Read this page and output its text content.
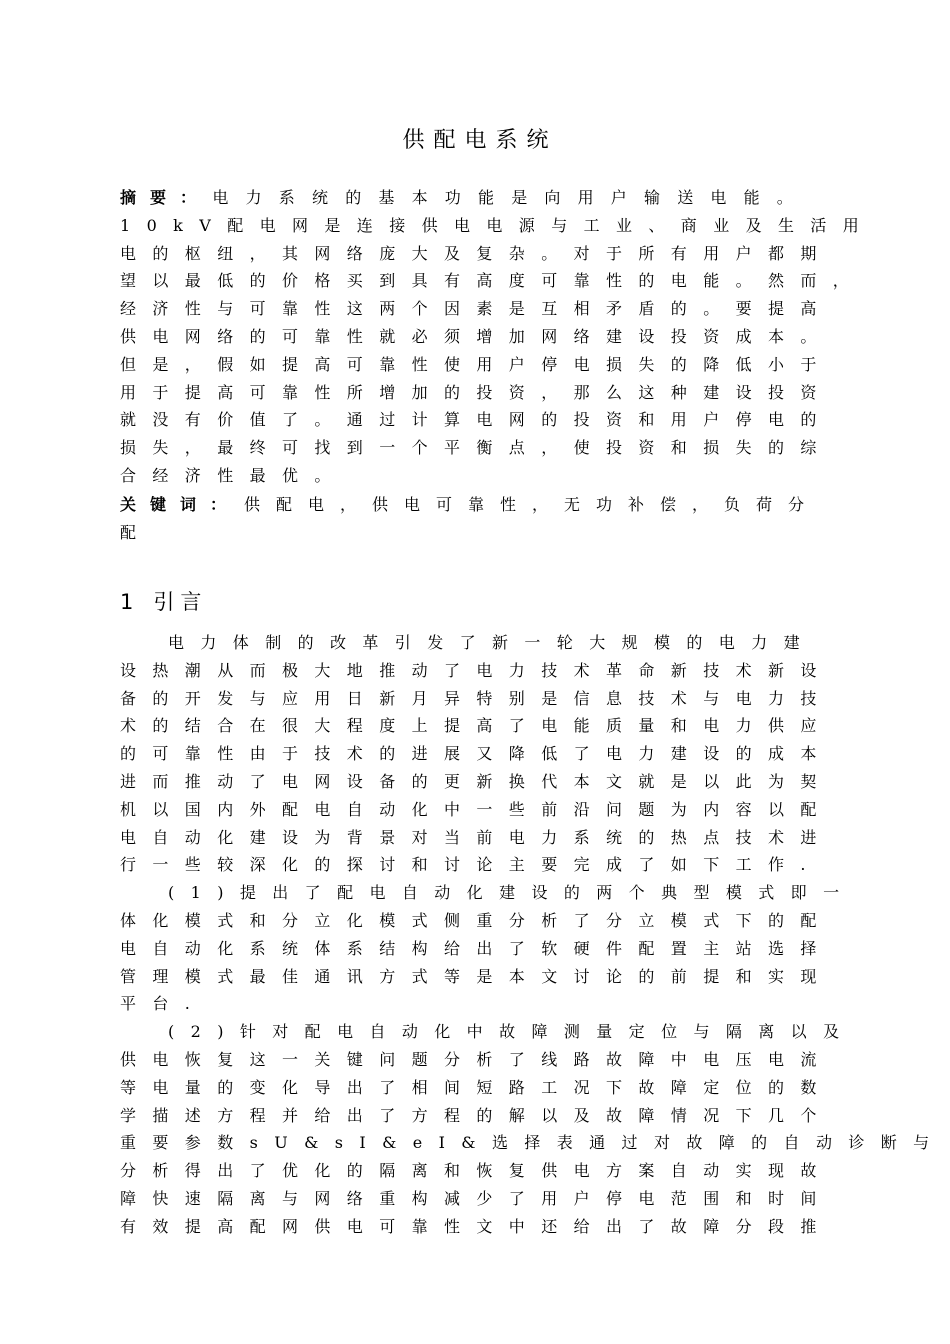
供配电系统
摘要： 电力系统的基本功能是向用户输送电能。
10kV配电网是连接供电电源与工业、商业及生活用
电的枢纽，其网络庞大及复杂。对于所有用户都期
望以最低的价格买到具有高度可靠性的电能。然而，
经济性与可靠性这两个因素是互相矛盾的。要提高
供电网络的可靠性就必须增加网络建设投资成本。
但是，假如提高可靠性使用户停电损失的降低小于
用于提高可靠性所增加的投资，那么这种建设投资
就没有价值了。通过计算电网的投资和用户停电的
损失，最终可找到一个平衡点，使投资和损失的综
合经济性最优。
关键词： 供配电，供电可靠性，无功补偿，负荷分
配
1 引言
电力体制的改革引发了新一轮大规模的电力建
设热潮从而极大地推动了电力技术革命新技术新设
备的开发与应用日新月异特别是信息技术与电力技
术的结合在很大程度上提高了电能质量和电力供应
的可靠性由于技术的进展又降低了电力建设的成本
进而推动了电网设备的更新换代本文就是以此为契
机以国内外配电自动化中一些前沿问题为内容以配
电自动化建设为背景对当前电力系统的热点技术进
行一些较深化的探讨和讨论主要完成了如下工作.
(1)提出了配电自动化建设的两个典型模式即一
体化模式和分立化模式侧重分析了分立模式下的配
电自动化系统体系结构给出了软硬件配置主站选择
管理模式最佳通讯方式等是本文讨论的前提和实现
平台.
(2)针对配电自动化中故障测量定位与隔离以及
供电恢复这一关键问题分析了线路故障中电压电流
等电量的变化导出了相间短路工况下故障定位的数
学描述方程并给出了方程的解以及故障情况下几个
重要参数sU&sI&eI&选择表通过对故障的自动诊断与
分析得出了优化的隔离和恢复供电方案自动实现故
障快速隔离与网络重构减少了用户停电范围和时间
有效提高配网供电可靠性文中还给出了故障分段推
